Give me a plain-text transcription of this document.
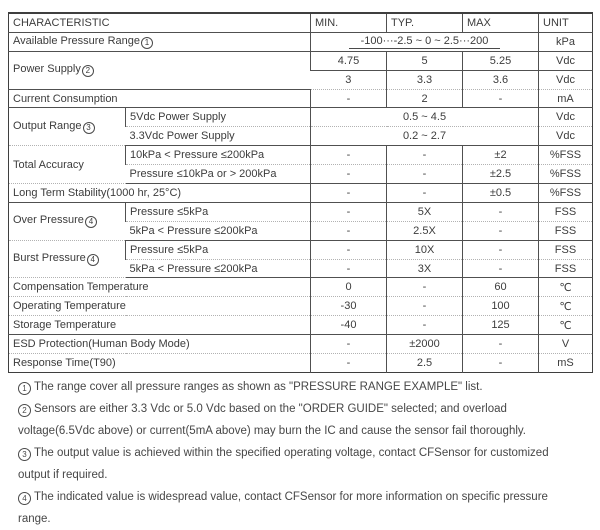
CHARACTERISTIC		MIN.	TYP.	MAX	UNIT
Available Pressure Range 1		-100···-2.5 ~ 0 ~ 2.5···200			kPa
Power Supply 2		4.75	5	5.25	Vdc
		3	3.3	3.6	Vdc
Current Consumption		-	2	-	mA
Output Range 3	5Vdc Power Supply	0.5 ~ 4.5			Vdc
	3.3Vdc Power Supply	0.2 ~ 2.7			Vdc
Total Accuracy	10kPa < Pressure ≤200kPa	-	-	±2	%FSS
	Pressure ≤10kPa or > 200kPa	-	-	±2.5	%FSS
Long Term Stability(1000 hr, 25°C)		-	-	±0.5	%FSS
Over Pressure 4	Pressure ≤5kPa	-	5X	-	FSS
	5kPa < Pressure ≤200kPa	-	2.5X	-	FSS
Burst Pressure 4	Pressure ≤5kPa	-	10X	-	FSS
	5kPa < Pressure ≤200kPa	-	3X	-	FSS
Compensation Temperature		0	-	60	℃
Operating Temperature		-30	-	100	℃
Storage Temperature		-40	-	125	℃
ESD Protection(Human Body Mode)		-	±2000	-	V
Response Time(T90)		-	2.5	-	mS

1 The range cover all pressure ranges as shown as "PRESSURE RANGE EXAMPLE" list.

2 Sensors are either 3.3 Vdc or 5.0 Vdc based on the "ORDER GUIDE" selected; and overload voltage(6.5Vdc above) or current(5mA above) may burn the IC and cause the sensor fail thoroughly.

3 The output value is achieved within the specified operating voltage, contact CFSensor for customized output if required.

4 The indicated value is widespread value, contact CFSensor for more information on specific pressure range.
